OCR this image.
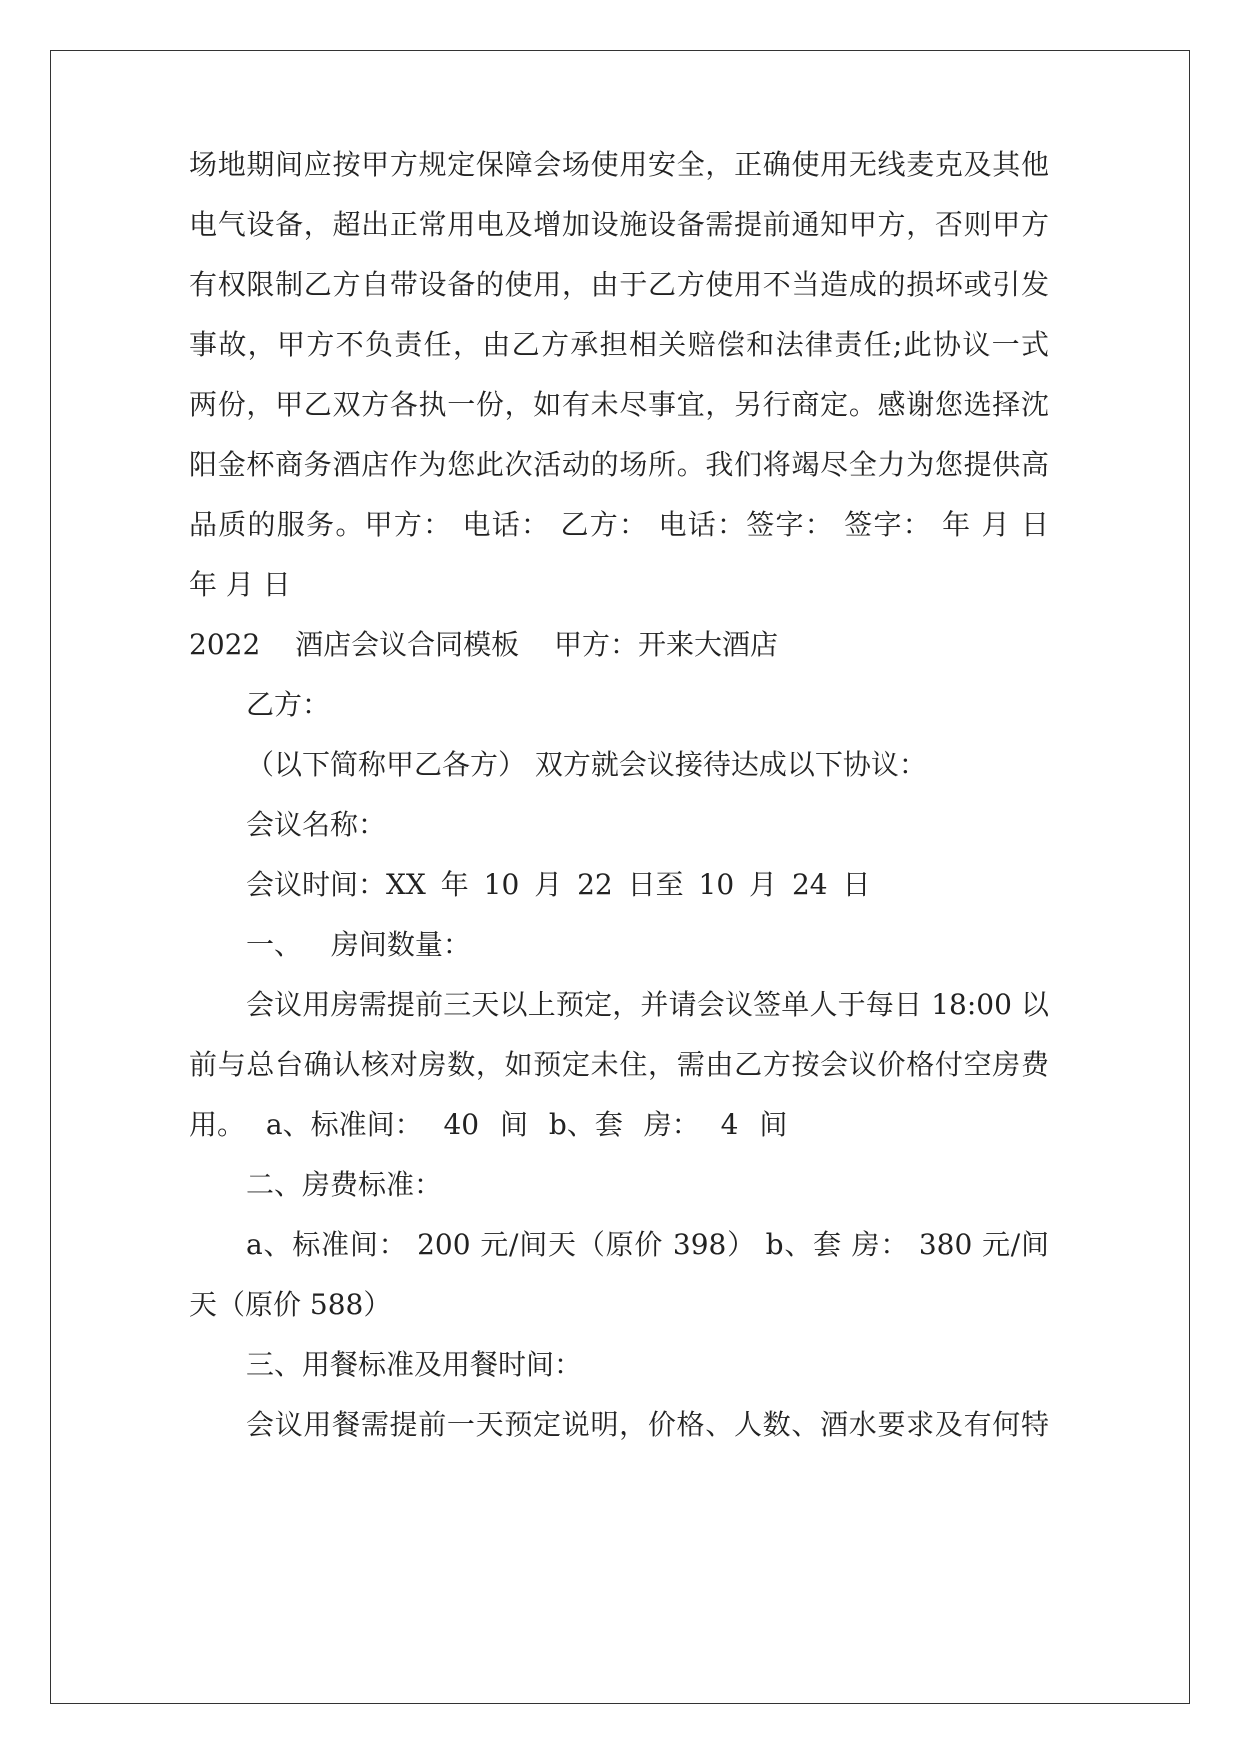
场地期间应按甲方规定保障会场使用安全，正确使用无线麦克及其他
电气设备，超出正常用电及增加设施设备需提前通知甲方，否则甲方
有权限制乙方自带设备的使用，由于乙方使用不当造成的损坏或引发
事故，甲方不负责任，由乙方承担相关赔偿和法律责任;此协议一式
两份，甲乙双方各执一份，如有未尽事宜，另行商定。感谢您选择沈
阳金杯商务酒店作为您此次活动的场所。我们将竭尽全力为您提供高
品质的服务。甲方： 电话： 乙方： 电话：签字： 签字： 年 月 日
年 月 日
2022 酒店会议合同模板 甲方：开来大酒店
乙方：
（以下简称甲乙各方） 双方就会议接待达成以下协议：
会议名称：
会议时间：XX 年 10 月 22 日至 10 月 24 日
一、 房间数量：
会议用房需提前三天以上预定，并请会议签单人于每日 18:00 以
前与总台确认核对房数，如预定未住，需由乙方按会议价格付空房费
用。 a、标准间： 40 间 b、套 房： 4 间
二、房费标准：
a、标准间： 200 元/间天（原价 398） b、套 房： 380 元/间
天（原价 588）
三、用餐标准及用餐时间：
会议用餐需提前一天预定说明，价格、人数、酒水要求及有何特
